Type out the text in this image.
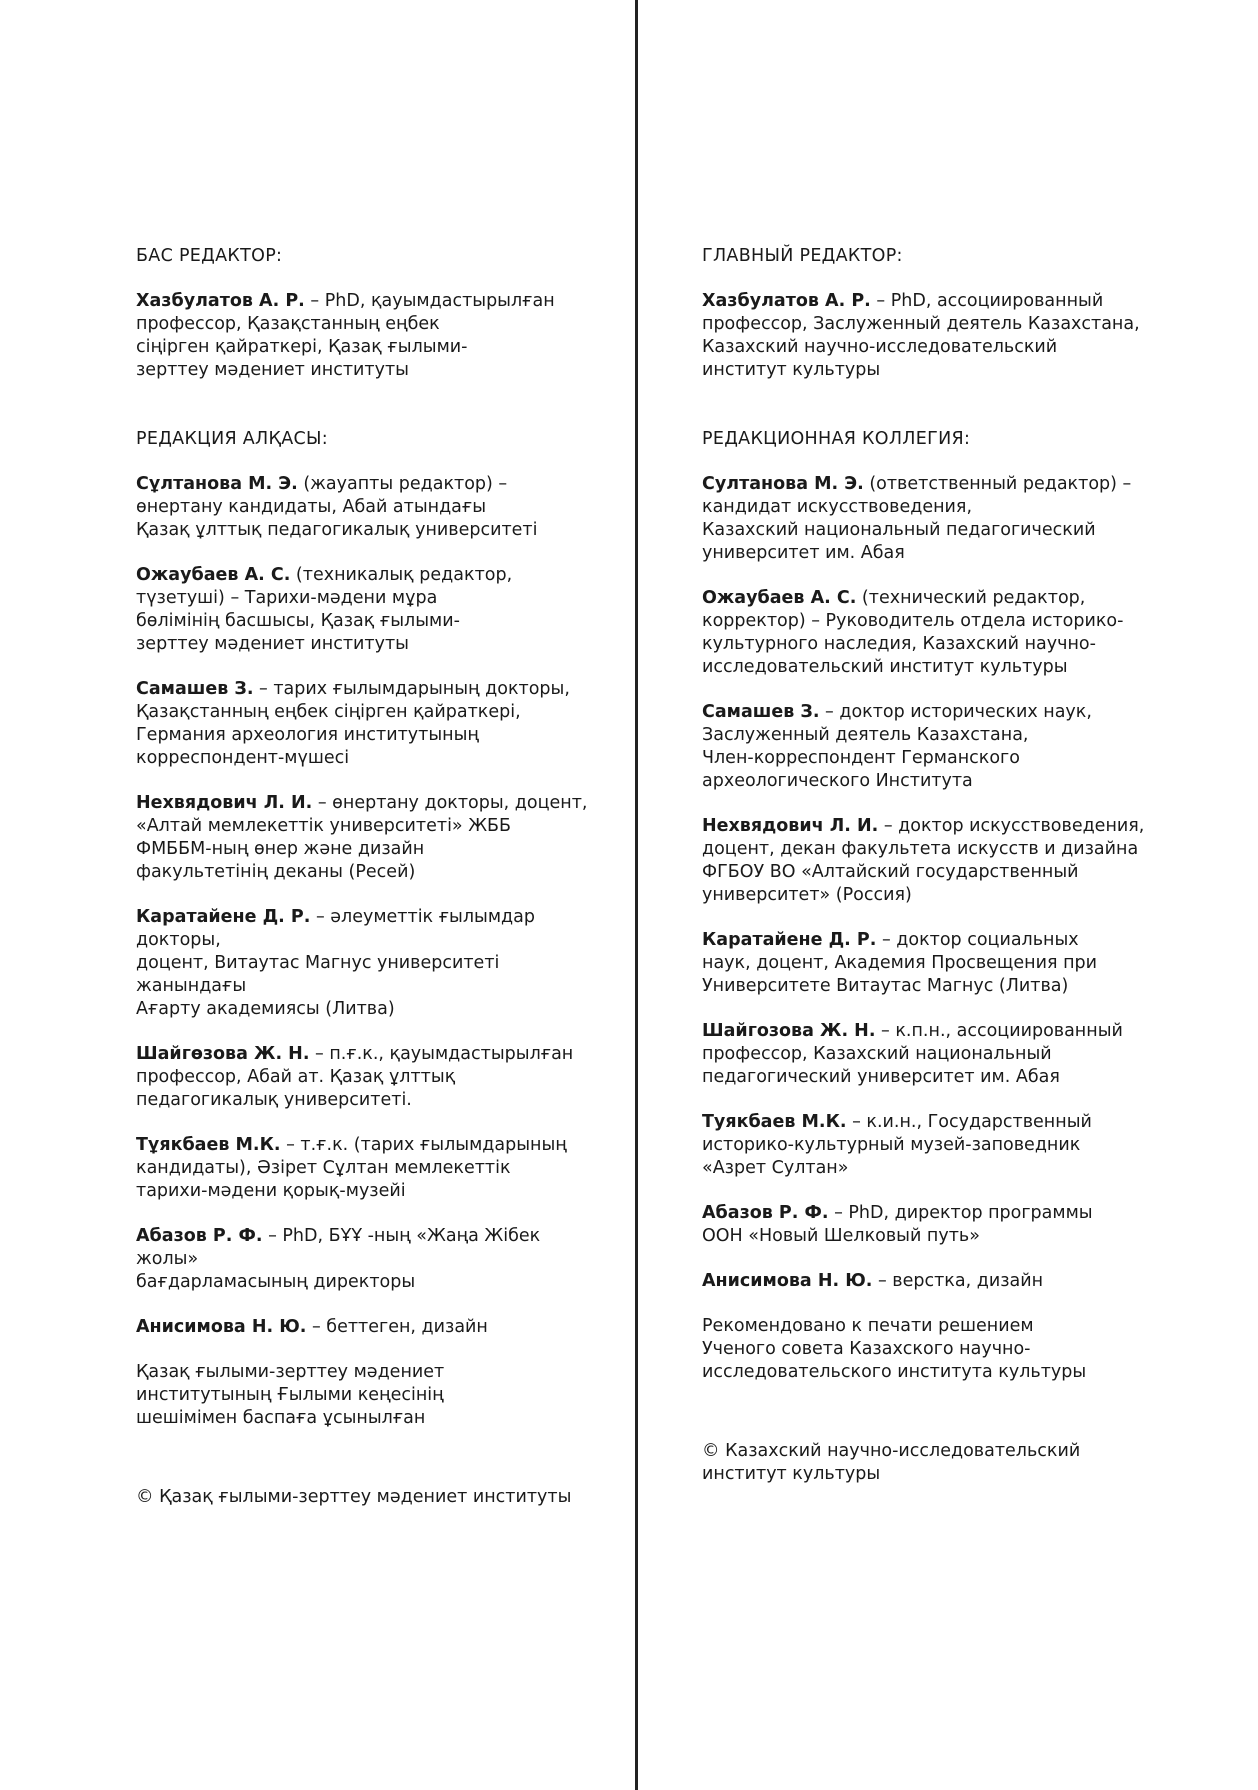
БАС РЕДАКТОР:

Хазбулатов А. Р. – PhD, қауымдастырылған
профессор, Қазақстанның еңбек
сіңірген қайраткері, Қазақ ғылыми-
зерттеу мәдениет институты

РЕДАКЦИЯ АЛҚАСЫ:

Сұлтанова М. Э. (жауапты редактор) –
өнертану кандидаты, Абай атындағы
Қазақ ұлттық педагогикалық университеті

Ожаубаев А. С. (техникалық редактор,
түзетуші) – Тарихи-мәдени мұра
бөлімінің басшысы, Қазақ ғылыми-
зерттеу мәдениет институты

Самашев З. – тарих ғылымдарының докторы,
Қазақстанның еңбек сіңірген қайраткері,
Германия археология институтының
корреспондент-мүшесі

Нехвядович Л. И. – өнертану докторы, доцент,
«Алтай мемлекеттік университеті» ЖББ
ФМББМ-ның өнер және дизайн
факультетінің деканы (Ресей)

Каратайене Д. Р. – әлеуметтік ғылымдар докторы,
доцент, Витаутас Магнус университеті жанындағы
Ағарту академиясы (Литва)

Шайгөзова Ж. Н. – п.ғ.к., қауымдастырылған
профессор, Абай ат. Қазақ ұлттық
педагогикалық университеті.

Тұякбаев М.К. – т.ғ.к. (тарих ғылымдарының
кандидаты), Әзірет Сұлтан мемлекеттік
тарихи-мәдени қорық-музейі

Абазов Р. Ф. – PhD, БҰҰ -ның «Жаңа Жібек жолы»
бағдарламасының директоры

Анисимова Н. Ю. – беттеген, дизайн

Қазақ ғылыми-зерттеу мәдениет
институтының Ғылыми кеңесінің
шешімімен баспаға ұсынылған

© Қазақ ғылыми-зерттеу мәдениет институты

ГЛАВНЫЙ РЕДАКТОР:

Хазбулатов А. Р. – PhD, ассоциированный
профессор, Заслуженный деятель Казахстана,
Казахский научно-исследовательский
институт культуры

РЕДАКЦИОННАЯ КОЛЛЕГИЯ:

Султанова М. Э. (ответственный редактор) –
кандидат искусствоведения,
Казахский национальный педагогический
университет им. Абая

Ожаубаев А. С. (технический редактор,
корректор) – Руководитель отдела историко-
культурного наследия, Казахский научно-
исследовательский институт культуры

Самашев З. – доктор исторических наук,
Заслуженный деятель Казахстана,
Член-корреспондент Германского
археологического Института

Нехвядович Л. И. – доктор искусствоведения,
доцент, декан факультета искусств и дизайна
ФГБОУ ВО «Алтайский государственный
университет» (Россия)

Каратайене Д. Р. – доктор социальных
наук, доцент, Академия Просвещения при
Университете Витаутас Магнус (Литва)

Шайгозова Ж. Н. – к.п.н., ассоциированный
профессор, Казахский национальный
педагогический университет им. Абая

Туякбаев М.К. – к.и.н., Государственный
историко-культурный музей-заповедник
«Азрет Султан»

Абазов Р. Ф. – PhD, директор программы
ООН «Новый Шелковый путь»

Анисимова Н. Ю. – верстка, дизайн

Рекомендовано к печати решением
Ученого совета Казахского научно-
исследовательского института культуры

© Казахский научно-исследовательский
институт культуры
